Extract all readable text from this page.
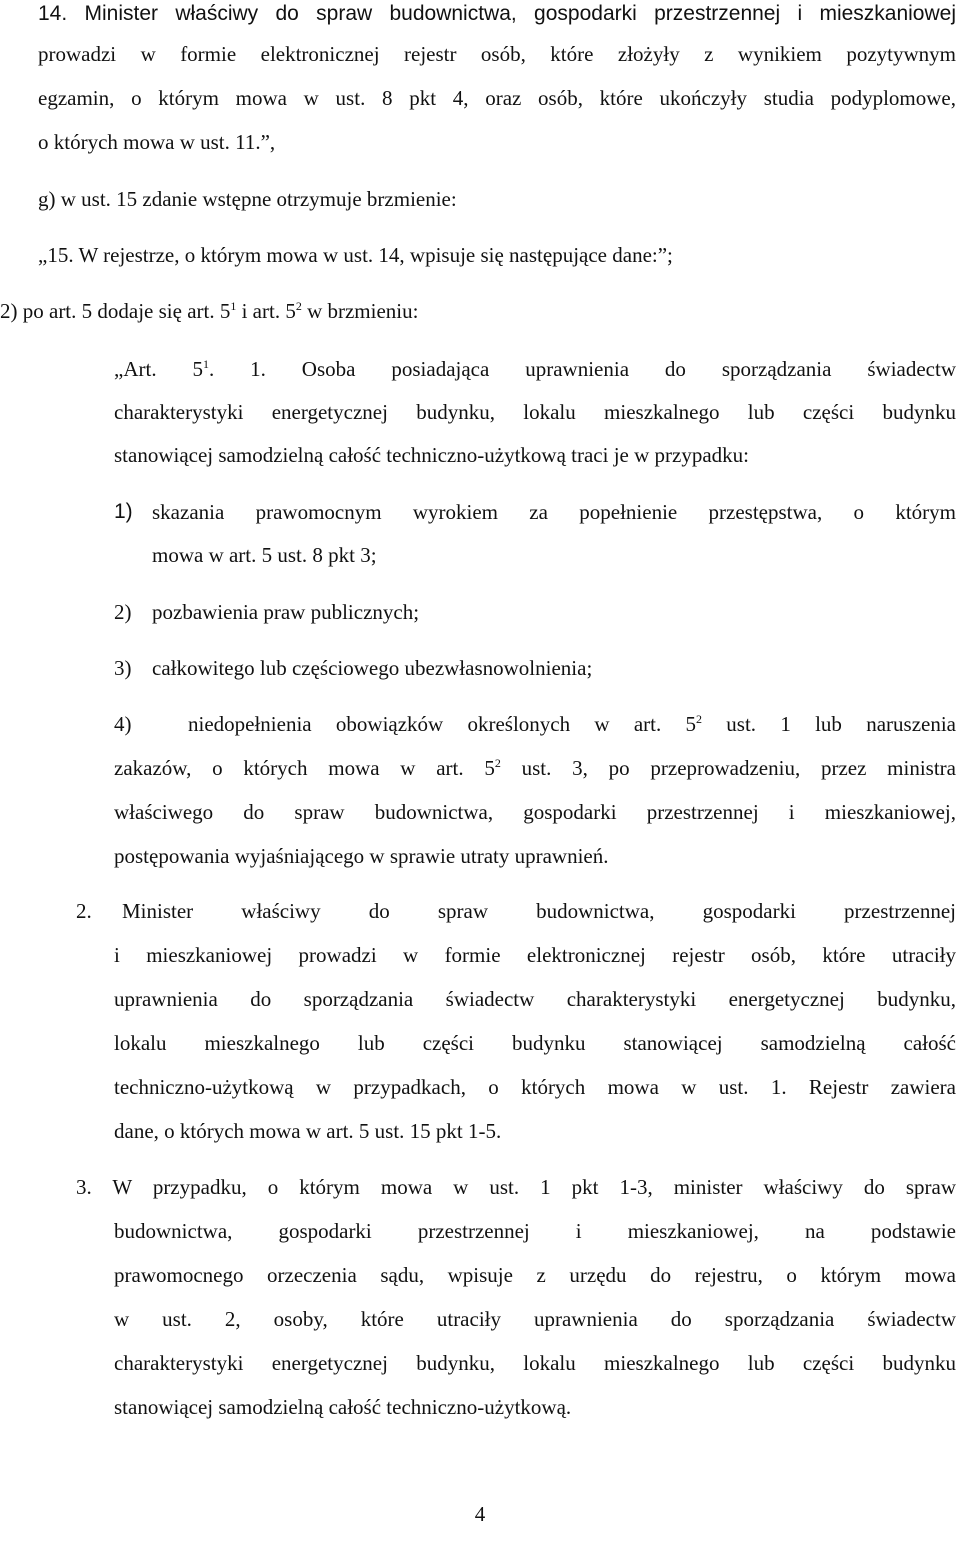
14. Minister właściwy do spraw budownictwa, gospodarki przestrzennej i mieszkaniowej
prowadzi w formie elektronicznej rejestr osób, które złożyły z wynikiem pozytywnym
egzamin, o którym mowa w ust. 8 pkt 4, oraz osób, które ukończyły studia podyplomowe,
o których mowa w ust. 11.”,
g) w ust. 15 zdanie wstępne otrzymuje brzmienie:
„15. W rejestrze, o którym mowa w ust. 14, wpisuje się następujące dane:”;
2) po art. 5 dodaje się art. $5^1$ i art. $5^2$ w brzmieniu:
„Art. $5^1$. 1. Osoba posiadająca uprawnienia do sporządzania świadectw
charakterystyki energetycznej budynku, lokalu mieszkalnego lub części budynku
stanowiącej samodzielną całość techniczno-użytkową traci je w przypadku:
1) skazania prawomocnym wyrokiem za popełnienie przestępstwa, o którym
mowa w art. 5 ust. 8 pkt 3;
2) pozbawienia praw publicznych;
3) całkowitego lub częściowego ubezwłasnowolnienia;
4)	niedopełnienia obowiązków określonych w art. $5^2$ ust. 1 lub naruszenia
zakazów, o których mowa w art. $5^2$ ust. 3, po przeprowadzeniu, przez ministra
właściwego do spraw budownictwa, gospodarki przestrzennej i mieszkaniowej,
postępowania wyjaśniającego w sprawie utraty uprawnień.
2. Minister właściwy do spraw budownictwa, gospodarki przestrzennej
i mieszkaniowej prowadzi w formie elektronicznej rejestr osób, które utraciły
uprawnienia do sporządzania świadectw charakterystyki energetycznej budynku,
lokalu mieszkalnego lub części budynku stanowiącej samodzielną całość
techniczno-użytkową w przypadkach, o których mowa w ust. 1. Rejestr zawiera
dane, o których mowa w art. 5 ust. 15 pkt 1-5.
3. W przypadku, o którym mowa w ust. 1 pkt 1-3, minister właściwy do spraw
budownictwa, gospodarki przestrzennej i mieszkaniowej, na podstawie
prawomocnego orzeczenia sądu, wpisuje z urzędu do rejestru, o którym mowa
w ust. 2, osoby, które utraciły uprawnienia do sporządzania świadectw
charakterystyki energetycznej budynku, lokalu mieszkalnego lub części budynku
stanowiącej samodzielną całość techniczno-użytkową.
4
